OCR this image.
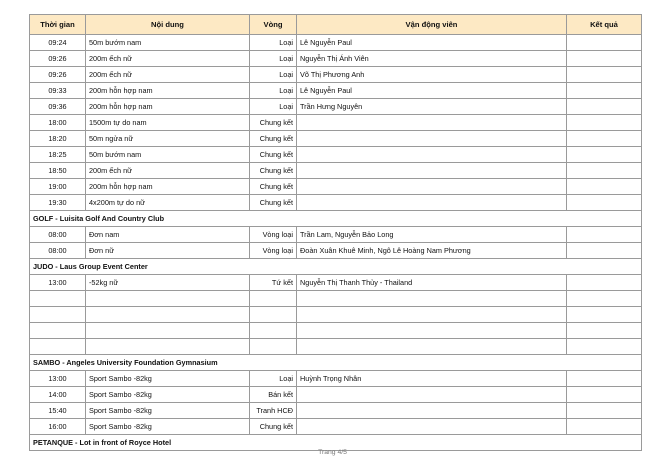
Thời gian	Nội dung	Vòng	Vận động viên	Kết quả
09:24	50m bướm nam	Loại	Lê Nguyễn Paul	
09:26	200m ếch nữ	Loại	Nguyễn Thị Ánh Viên	
09:26	200m ếch nữ	Loại	Võ Thị Phương Anh	
09:33	200m hỗn hợp nam	Loại	Lê Nguyễn Paul	
09:36	200m hỗn hợp nam	Loại	Trần Hưng Nguyên	
18:00	1500m tự do nam	Chung kết		
18:20	50m ngửa nữ	Chung kết		
18:25	50m bướm nam	Chung kết		
18:50	200m ếch nữ	Chung kết		
19:00	200m hỗn hợp nam	Chung kết		
19:30	4x200m tự do nữ	Chung kết		
GOLF - Luisita Golf And Country Club				
08:00	Đơn nam	Vòng loại	Trần Lam, Nguyễn Bảo Long	
08:00	Đơn nữ	Vòng loại	Đoàn Xuân Khuê Minh, Ngô Lê Hoàng Nam Phương	
JUDO - Laus Group Event Center				
13:00	-52kg nữ	Tứ kết	Nguyễn Thị Thanh Thủy - Thailand	

SAMBO - Angeles University Foundation Gymnasium				
13:00	Sport Sambo -82kg	Loại	Huỳnh Trọng Nhân	
14:00	Sport Sambo -82kg	Bán kết		
15:40	Sport Sambo -82kg	Tranh HCĐ		
16:00	Sport Sambo -82kg	Chung kết		
PETANQUE - Lot in front of Royce Hotel				
Trang 4/5
